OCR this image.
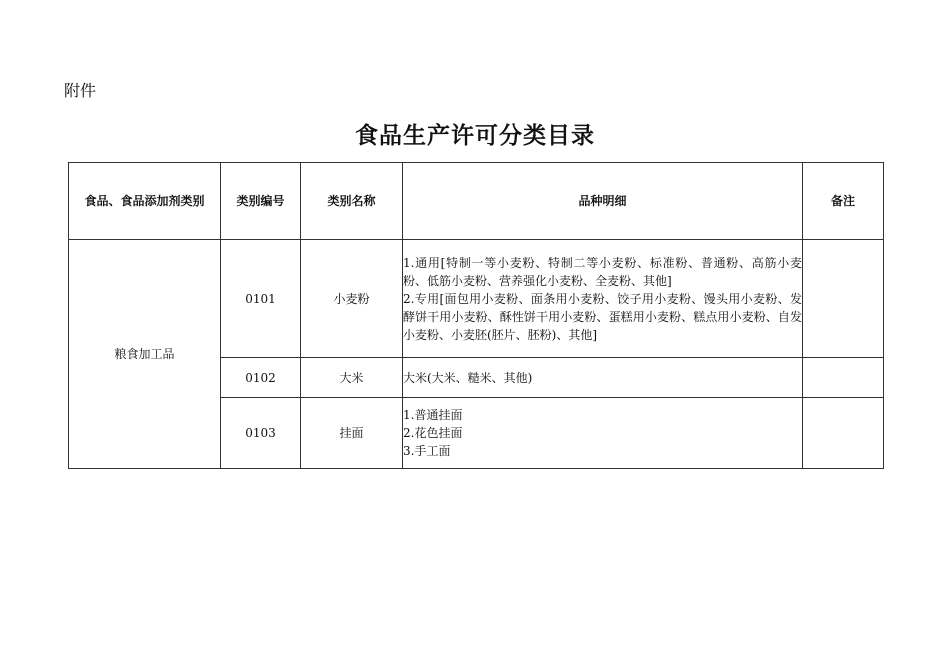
附件
食品生产许可分类目录
食品、食品添加剂类别	类别编号	类别名称	品种明细	备注
粮食加工品	0101	小麦粉	1.通用[特制一等小麦粉、特制二等小麦粉、标准粉、普通粉、高筋小麦粉、低筋小麦粉、营养强化小麦粉、全麦粉、其他]
2.专用[面包用小麦粉、面条用小麦粉、饺子用小麦粉、馒头用小麦粉、发酵饼干用小麦粉、酥性饼干用小麦粉、蛋糕用小麦粉、糕点用小麦粉、自发小麦粉、小麦胚(胚片、胚粉)、其他]	

	0102	大米	大米(大米、糙米、其他)	

	0103	挂面	1.普通挂面
2.花色挂面
3.手工面	
